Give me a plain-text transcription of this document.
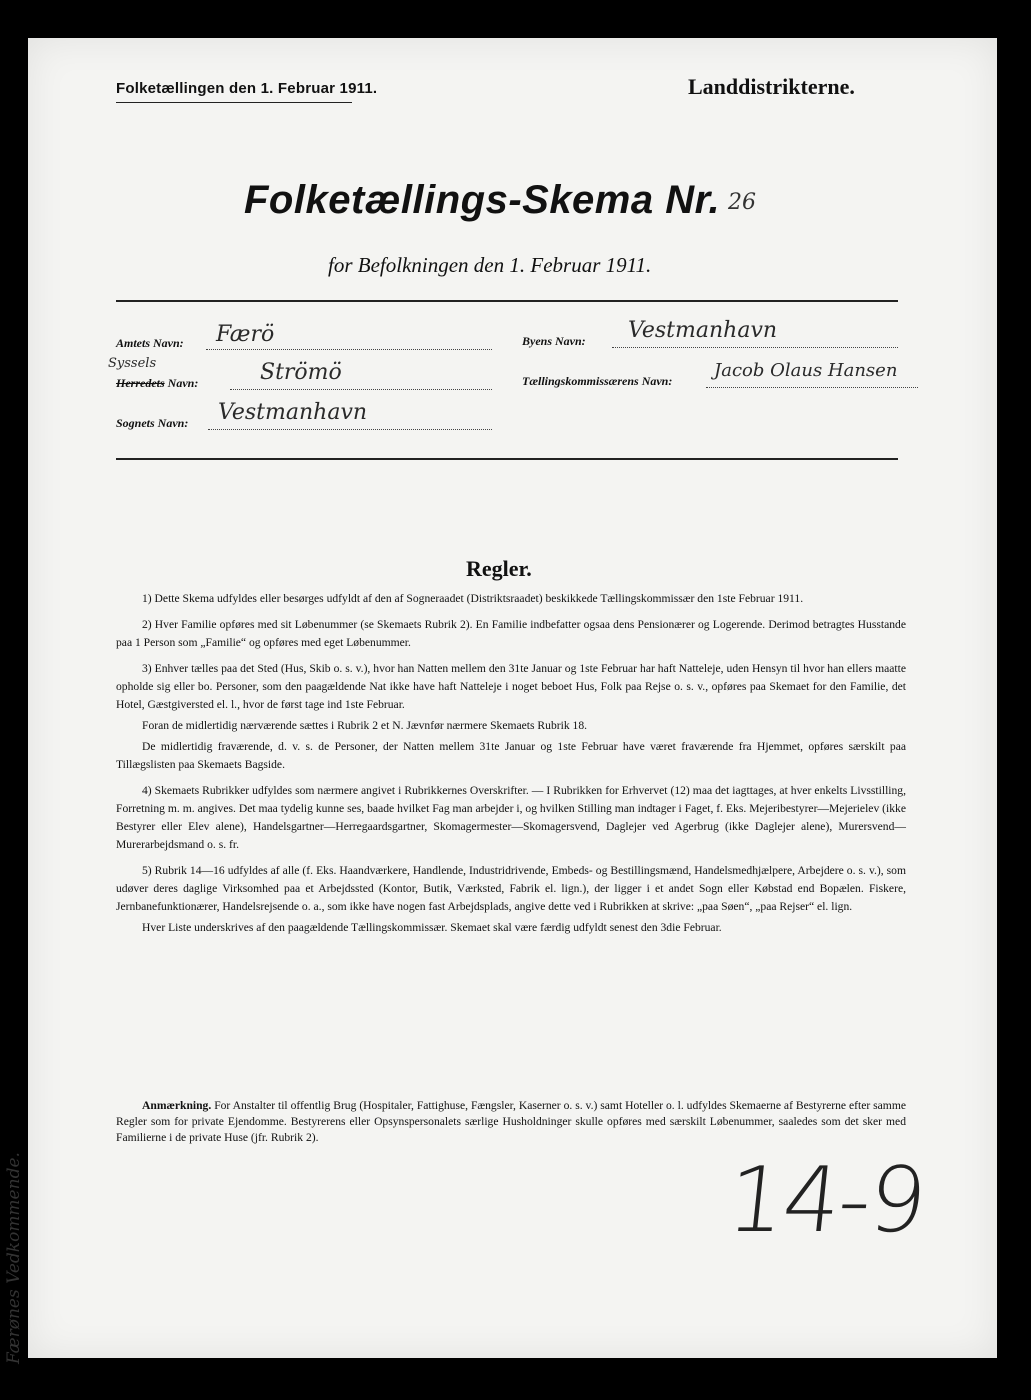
Folketællingen den 1. Februar 1911.	Landdistrikterne.
Folketællings-Skema Nr. 26
for Befolkningen den 1. Februar 1911.
Amtets Navn: Færö
Syssels
Herredets Navn:	Strömö
Sognets Navn: Vestmanhavn
Byens Navn: Vestmanhavn
Tællingskommissærens Navn: Jacob Olaus Hansen
Regler.

1) Dette Skema udfyldes eller besørges udfyldt af den af Sogneraadet (Distriktsraadet) beskikkede Tællingskommissær den 1ste Februar 1911.

2) Hver Familie opføres med sit Løbenummer (se Skemaets Rubrik 2). En Familie indbefatter ogsaa dens Pensionærer og Logerende. Derimod betragtes Husstande paa 1 Person som „Familie“ og opføres med eget Løbenummer.

3) Enhver tælles paa det Sted (Hus, Skib o. s. v.), hvor han Natten mellem den 31te Januar og 1ste Februar har haft Natteleje, uden Hensyn til hvor han ellers maatte opholde sig eller bo. Personer, som den paagældende Nat ikke have haft Natteleje i noget beboet Hus, Folk paa Rejse o. s. v., opføres paa Skemaet for den Familie, det Hotel, Gæstgiversted el. l., hvor de først tage ind 1ste Februar.

Foran de midlertidig nærværende sættes i Rubrik 2 et N. Jævnfør nærmere Skemaets Rubrik 18.

De midlertidig fraværende, d. v. s. de Personer, der Natten mellem 31te Januar og 1ste Februar have været fraværende fra Hjemmet, opføres særskilt paa Tillægslisten paa Skemaets Bagside.

4) Skemaets Rubrikker udfyldes som nærmere angivet i Rubrikkernes Overskrifter. — I Rubrikken for Erhvervet (12) maa det iagttages, at hver enkelts Livsstilling, Forretning m. m. angives. Det maa tydelig kunne ses, baade hvilket Fag man arbejder i, og hvilken Stilling man indtager i Faget, f. Eks. Mejeribestyrer—Mejerielev (ikke Bestyrer eller Elev alene), Handelsgartner—Herregaardsgartner, Skomagermester—Skomagersvend, Daglejer ved Agerbrug (ikke Daglejer alene), Murersvend—Murerarbejdsmand o. s. fr.

5) Rubrik 14—16 udfyldes af alle (f. Eks. Haandværkere, Handlende, Industridrivende, Embeds- og Bestillingsmænd, Handelsmedhjælpere, Arbejdere o. s. v.), som udøver deres daglige Virksomhed paa et Arbejdssted (Kontor, Butik, Værksted, Fabrik el. lign.), der ligger i et andet Sogn eller Købstad end Bopælen. Fiskere, Jernbanefunktionærer, Handelsrejsende o. a., som ikke have nogen fast Arbejdsplads, angive dette ved i Rubrikken at skrive: „paa Søen“, „paa Rejser“ el. lign.

Hver Liste underskrives af den paagældende Tællingskommissær. Skemaet skal være færdig udfyldt senest den 3die Februar.

Anmærkning. For Anstalter til offentlig Brug (Hospitaler, Fattighuse, Fængsler, Kaserner o. s. v.) samt Hoteller o. l. udfyldes Skemaerne af Bestyrerne efter samme Regler som for private Ejendomme. Bestyrerens eller Opsynspersonalets særlige Husholdninger skulle opføres med særskilt Løbenummer, saaledes som det sker med Familierne i de private Huse (jfr. Rubrik 2).
Færønes Vedkommende.	14-9
